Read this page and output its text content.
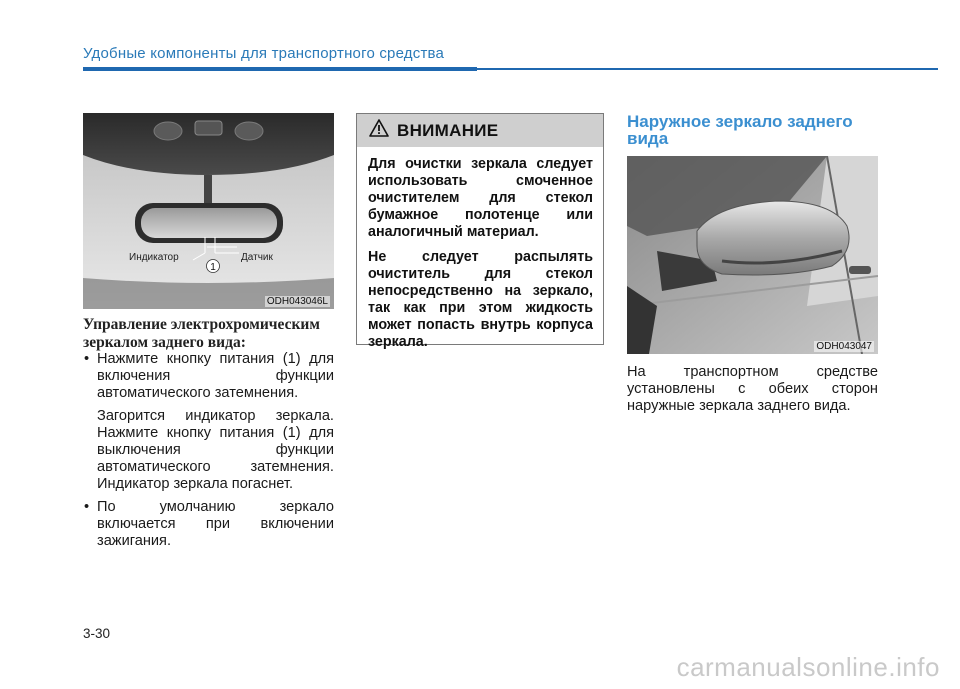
Удобные компоненты для транспортного средства
Индикатор	Датчик
1
ODH043046L
Управление электрохромическим зеркалом заднего вида:

• Нажмите кнопку питания (1) для включения функции автоматического затемнения.

Загорится индикатор зеркала. Нажмите кнопку питания (1) для выключения функции автоматического затемнения. Индикатор зеркала погаснет.

• По умолчанию зеркало включается при включении зажигания.

ВНИМАНИЕ

Для очистки зеркала следует использовать смоченное очистителем для стекол бумажное полотенце или аналогичный материал.

Не следует распылять очиститель для стекол непосредственно на зеркало, так как при этом жидкость может попасть внутрь корпуса зеркала.

Наружное зеркало заднего вида
ODH043047

На транспортном средстве установлены с обеих сторон наружные зеркала заднего вида.

3-30
carmanualsonline.info
